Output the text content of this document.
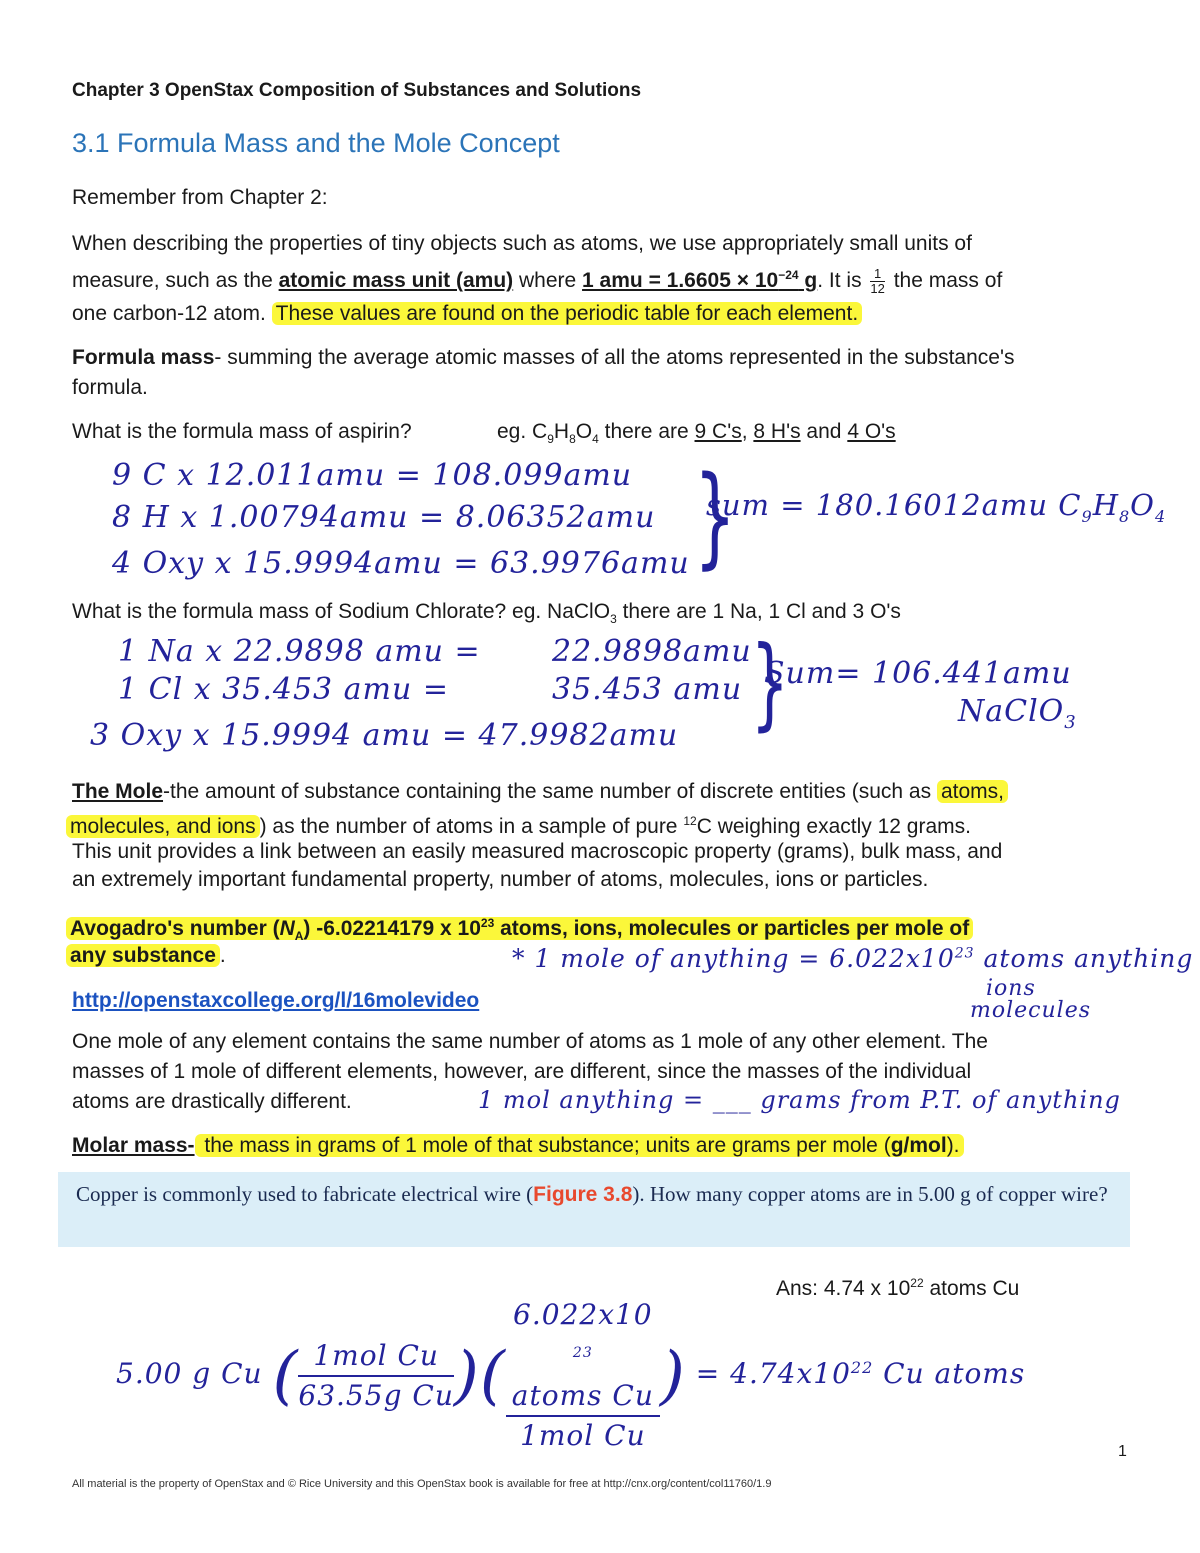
Chapter 3 OpenStax Composition of Substances and Solutions
3.1 Formula Mass and the Mole Concept
Remember from Chapter 2:
When describing the properties of tiny objects such as atoms, we use appropriately small units of
measure, such as the atomic mass unit (amu) where 1 amu = $1.6605 \times 10^{-24}$ g. It is $\frac{1}{12}$ the mass of
one carbon-12 atom. These values are found on the periodic table for each element.
Formula mass- summing the average atomic masses of all the atoms represented in the substance's
formula.
What is the formula mass of aspirin?	eg. $C_9H_8O_4$ there are 9 C's, 8 H's and 4 O's
9 C x 12.011amu = 108.099amu
8 H x 1.00794amu = 8.06352amu
4 Oxy x 15.9994amu = 63.9976amu }
sum = 180.16012amu $C_9H_8O_4$
What is the formula mass of Sodium Chlorate? eg. NaClO$_3$ there are 1 Na, 1 Cl and 3 O's
1 Na x 22.9898 amu = 22.9898amu
1 Cl x 35.453 amu =	35.453 amu
3 Oxy x 15.9994 amu = 47.9982amu }
Sum= 106.441amu
NaClO$_3$
The Mole-the amount of substance containing the same number of discrete entities (such as atoms,
molecules, and ions ) as the number of atoms in a sample of pure $^{12}$C weighing exactly 12 grams.
This unit provides a link between an easily measured macroscopic property (grams), bulk mass, and
an extremely important fundamental property, number of atoms, molecules, ions or particles.
Avogadro's number $(N_A)$ -6.02214179 x $10^{23}$ atoms, ions, molecules or particles per mole of
any substance .	* 1 mole of anything = $6.022x10^{23}$ atoms anything
ions
molecules
http://openstaxcollege.org/l/16molevideo
One mole of any element contains the same number of atoms as 1 mole of any other element. The
masses of 1 mole of different elements, however, are different, since the masses of the individual
atoms are drastically different.	1 mol anything = ___ grams from P.T. of anything
Molar mass- the mass in grams of 1 mole of that substance; units are grams per mole (g/mol).
Copper is commonly used to fabricate electrical wire (Figure 3.8). How many copper atoms are in 5.00 g of copper wire?
Ans: 4.74 x $10^{22}$ atoms Cu
5.00 g Cu ( 1mol Cu
63.55g Cu )(
6.022x10
$^{23}$
atoms Cu
1mol Cu
) = $4.74x10^{22}$ Cu atoms
1
All material is the property of OpenStax and © Rice University and this OpenStax book is available for free at http://cnx.org/content/col11760/1.9
